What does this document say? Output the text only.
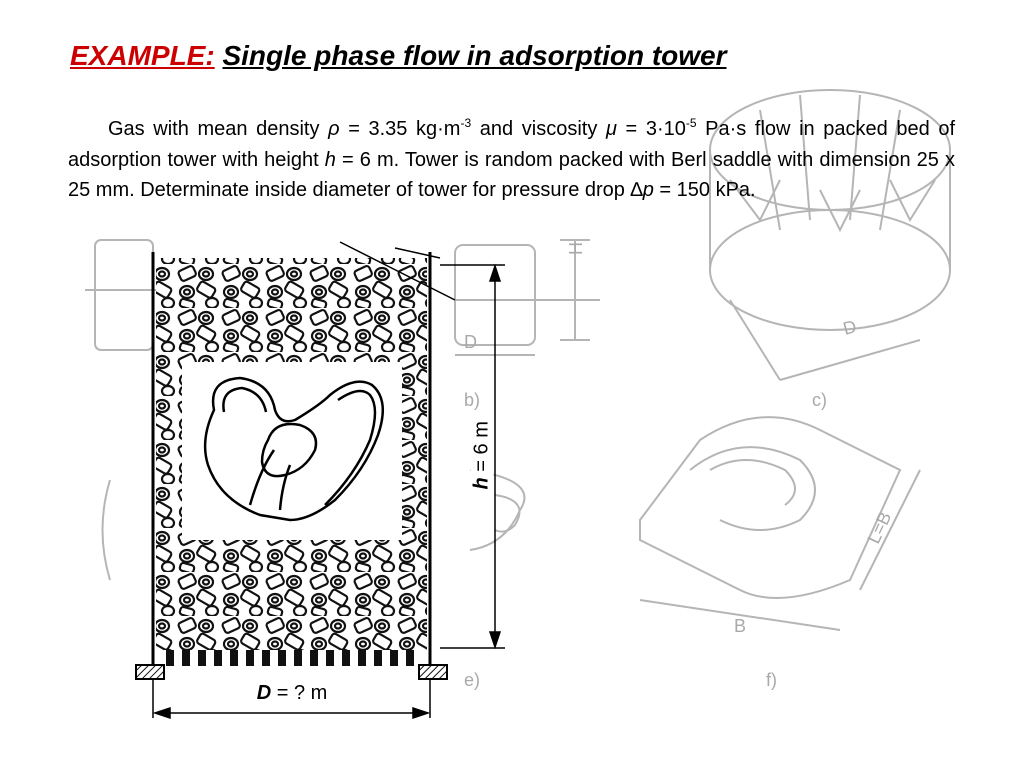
D
D
H
b)	c)
e)	f)
L=B
B
EXAMPLE: Single phase flow in adsorption tower

Gas with mean density ρ = 3.35 $kg\cdot m^{-3}$ and viscosity $\mu = 3\cdot 10^{-5}$ Pa·s flow in packed bed of adsorption tower with height h = 6 m. Tower is random packed with Berl saddle with dimension 25 x 25 mm. Determinate inside diameter of tower for pressure drop ∆p = 150 kPa.

h = 6 m
D = ? m
